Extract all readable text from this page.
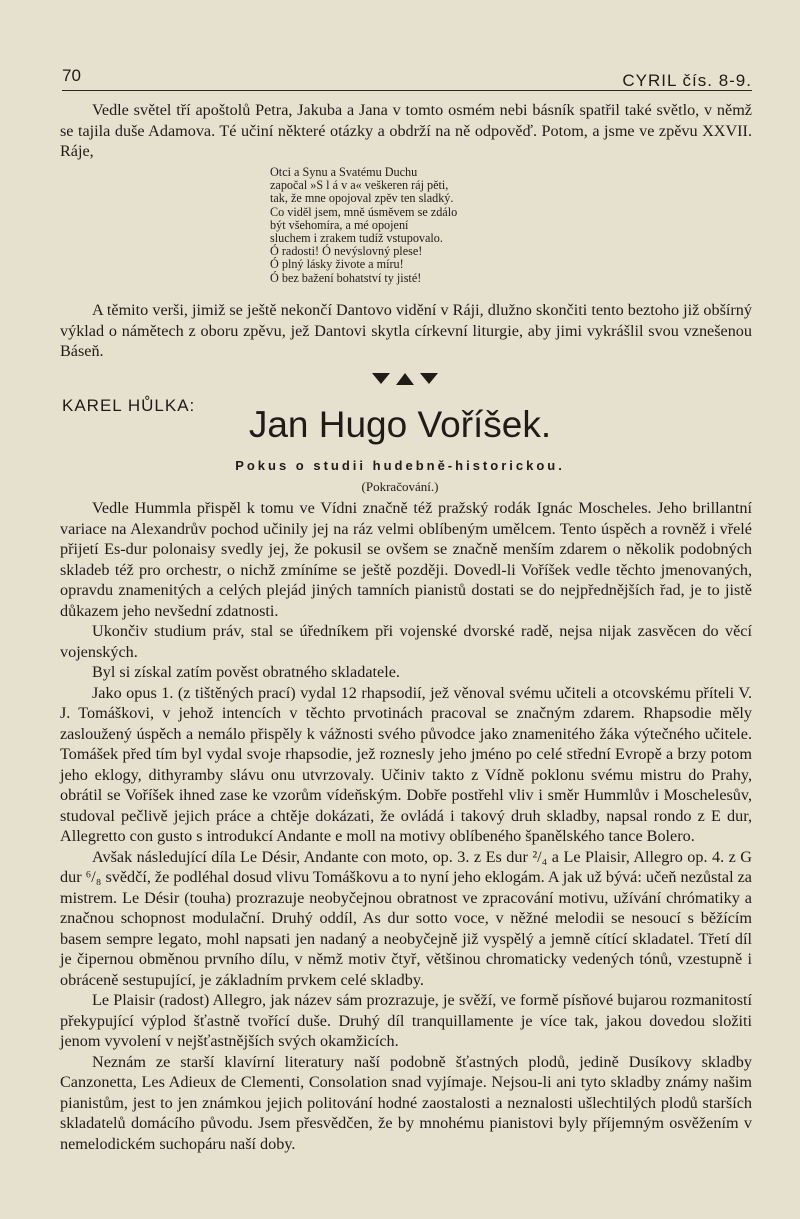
70	CYRIL čís. 8-9.

Vedle světel tří apoštolů Petra, Jakuba a Jana v tomto osmém nebi básník spatřil také světlo, v němž se tajila duše Adamova. Té učiní některé otázky a obdrží na ně odpověď. Potom, a jsme ve zpěvu XXVII. Ráje,

Otci a Synu a Svatému Duchu
započal »S l á v a« veškeren ráj pěti,
tak, že mne opojoval zpěv ten sladký.
Co viděl jsem, mně úsměvem se zdálo
být všehomíra, a mé opojení
sluchem i zrakem tudíž vstupovalo.
Ó radosti! Ó nevýslovný plese!
Ó plný lásky živote a míru!
Ó bez bažení bohatství ty jisté!

A těmito verši, jimiž se ještě nekončí Dantovo vidění v Ráji, dlužno skončiti tento beztoho již obšírný výklad o námětech z oboru zpěvu, jež Dantovi skytla církevní liturgie, aby jimi vykrášlil svou vznešenou Báseň.

KAREL HŮLKA:	Jan Hugo Voříšek.
Pokus o studii hudebně-historickou.
(Pokračování.)

Vedle Hummla přispěl k tomu ve Vídni značně též pražský rodák Ignác Moscheles. Jeho brillantní variace na Alexandrův pochod učinily jej na ráz velmi oblíbeným umělcem. Tento úspěch a rovněž i vřelé přijetí Es-dur polonaisy svedly jej, že pokusil se ovšem se značně menším zdarem o několik podobných skladeb též pro orchestr, o nichž zmíníme se ještě později. Dovedl-li Voříšek vedle těchto jmenovaných, opravdu znamenitých a celých plejád jiných tamních pianistů dostati se do nejpřednějších řad, je to jistě důkazem jeho nevšední zdatnosti.

Ukončiv studium práv, stal se úředníkem při vojenské dvorské radě, nejsa nijak zasvěcen do věcí vojenských.

Byl si získal zatím pověst obratného skladatele.

Jako opus 1. (z tištěných prací) vydal 12 rhapsodií, jež věnoval svému učiteli a otcovskému příteli V. J. Tomáškovi, v jehož intencích v těchto prvotinách pracoval se značným zdarem. Rhapsodie měly zasloužený úspěch a nemálo přispěly k vážnosti svého původce jako znamenitého žáka výtečného učitele. Tomášek před tím byl vydal svoje rhapsodie, jež roznesly jeho jméno po celé střední Evropě a brzy potom jeho eklogy, dithyramby slávu onu utvrzovaly. Učiniv takto z Vídně poklonu svému mistru do Prahy, obrátil se Voříšek ihned zase ke vzorům vídeňským. Dobře postřehl vliv i směr Hummlův i Moschelesův, studoval pečlivě jejich práce a chtěje dokázati, že ovládá i takový druh skladby, napsal rondo z E dur, Allegretto con gusto s introdukcí Andante e moll na motivy oblíbeného španělského tance Bolero.

Avšak následující díla Le Désir, Andante con moto, op. 3. z Es dur ²/₄ a Le Plaisir, Allegro op. 4. z G dur ⁶/₈ svědčí, že podléhal dosud vlivu Tomáškovu a to nyní jeho eklogám. A jak už bývá: učeň nezůstal za mistrem. Le Désir (touha) prozrazuje neobyčejnou obratnost ve zpracování motivu, užívání chrómatiky a značnou schopnost modulační. Druhý oddíl, As dur sotto voce, v něžné melodii se nesoucí s běžícím basem sempre legato, mohl napsati jen nadaný a neobyčejně již vyspělý a jemně cítící skladatel. Třetí díl je čipernou obměnou prvního dílu, v němž motiv čtyř, většinou chromaticky vedených tónů, vzestupně i obráceně sestupující, je základním prvkem celé skladby.

Le Plaisir (radost) Allegro, jak název sám prozrazuje, je svěží, ve formě písňové bujarou rozmanitostí překypující výplod šťastně tvořící duše. Druhý díl tranquillamente je více tak, jakou dovedou složiti jenom vyvolení v nejšťastnějších svých okamžicích.

Neznám ze starší klavírní literatury naší podobně šťastných plodů, jedině Dusíkovy skladby Canzonetta, Les Adieux de Clementi, Consolation snad vyjímaje. Nejsou-li ani tyto skladby známy našim pianistům, jest to jen známkou jejich politování hodné zaostalosti a neznalosti ušlechtilých plodů starších skladatelů domácího původu. Jsem přesvědčen, že by mnohému pianistovi byly příjemným osvěžením v nemelodickém suchopáru naší doby.
